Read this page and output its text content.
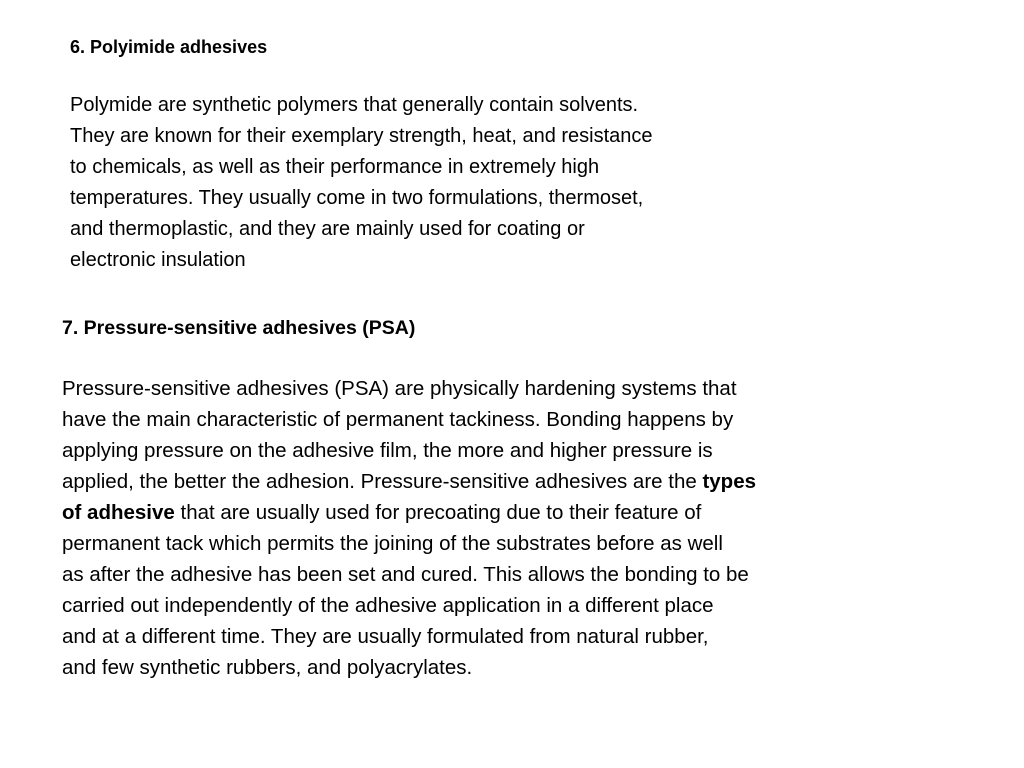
6. Polyimide adhesives

Polymide are synthetic polymers that generally contain solvents.
They are known for their exemplary strength, heat, and resistance
to chemicals, as well as their performance in extremely high
temperatures. They usually come in two formulations, thermoset,
and thermoplastic, and they are mainly used for coating or
electronic insulation

7. Pressure-sensitive adhesives (PSA)

Pressure-sensitive adhesives (PSA) are physically hardening systems that
have the main characteristic of permanent tackiness. Bonding happens by
applying pressure on the adhesive film, the more and higher pressure is
applied, the better the adhesion. Pressure-sensitive adhesives are the types
of adhesive that are usually used for precoating due to their feature of
permanent tack which permits the joining of the substrates before as well
as after the adhesive has been set and cured. This allows the bonding to be
carried out independently of the adhesive application in a different place
and at a different time. They are usually formulated from natural rubber,
and few synthetic rubbers, and polyacrylates.
